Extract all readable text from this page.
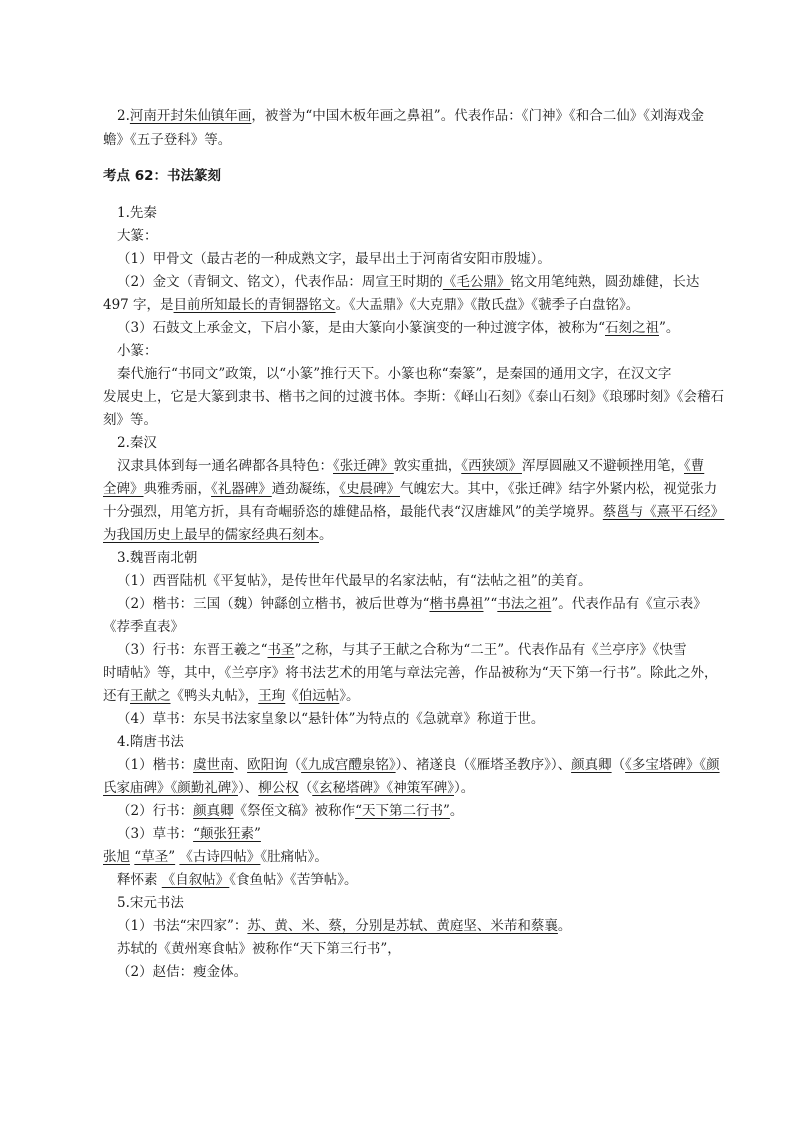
2.河南开封朱仙镇年画，被誉为“中国木板年画之鼻祖”。代表作品：《门神》《和合二仙》《刘海戏金
蟾》《五子登科》等。
考点 62：书法篆刻
1.先秦
大篆：
（1）甲骨文（最古老的一种成熟文字，最早出土于河南省安阳市殷墟）。
（2）金文（青铜文、铭文），代表作品：周宣王时期的《毛公鼎》铭文用笔纯熟，圆劲雄健，长达
497 字，是目前所知最长的青铜器铭文。《大盂鼎》《大克鼎》《散氏盘》《虢季子白盘铭》。
（3）石鼓文上承金文，下启小篆，是由大篆向小篆演变的一种过渡字体，被称为“石刻之祖”。
小篆：
秦代施行“书同文”政策，以“小篆”推行天下。小篆也称“秦篆”，是秦国的通用文字，在汉文字
发展史上，它是大篆到隶书、楷书之间的过渡书体。李斯：《峄山石刻》《泰山石刻》《琅琊时刻》《会稽石
刻》等。
2.秦汉
汉隶具体到每一通名碑都各具特色：《张迁碑》敦实重拙，《西狭颂》浑厚圆融又不避顿挫用笔，《曹
全碑》典雅秀丽，《礼器碑》遒劲凝练，《史晨碑》气魄宏大。其中，《张迁碑》结字外紧内松，视觉张力
十分强烈，用笔方折，具有奇崛骄恣的雄健品格，最能代表“汉唐雄风”的美学境界。蔡邕与《熹平石经》
为我国历史上最早的儒家经典石刻本。
3.魏晋南北朝
（1）西晋陆机《平复帖》，是传世年代最早的名家法帖，有“法帖之祖”的美育。
（2）楷书：三国（魏）钟繇创立楷书，被后世尊为“楷书鼻祖”“书法之祖”。代表作品有《宣示表》
《荐季直表》
（3）行书：东晋王羲之“书圣”之称，与其子王献之合称为“二王”。代表作品有《兰亭序》《快雪
时晴帖》等，其中，《兰亭序》将书法艺术的用笔与章法完善，作品被称为“天下第一行书”。除此之外，
还有王献之《鸭头丸帖》，王珣《伯远帖》。
（4）草书：东吴书法家皇象以“悬针体”为特点的《急就章》称道于世。
4.隋唐书法
（1）楷书：虞世南、欧阳询（《九成宫醴泉铭》）、褚遂良（《雁塔圣教序》）、颜真卿（《多宝塔碑》《颜
氏家庙碑》《颜勤礼碑》）、柳公权（《玄秘塔碑》《神策军碑》）。
（2）行书：颜真卿《祭侄文稿》被称作“天下第二行书”。
（3）草书：“颠张狂素”
张旭 “草圣” 《古诗四帖》《肚痛帖》。
释怀素 《自叙帖》《食鱼帖》《苦笋帖》。
5.宋元书法
（1）书法“宋四家”：苏、黄、米、蔡，分别是苏轼、黄庭坚、米芾和蔡襄。
苏轼的《黄州寒食帖》被称作“天下第三行书”，
（2）赵佶：瘦金体。
